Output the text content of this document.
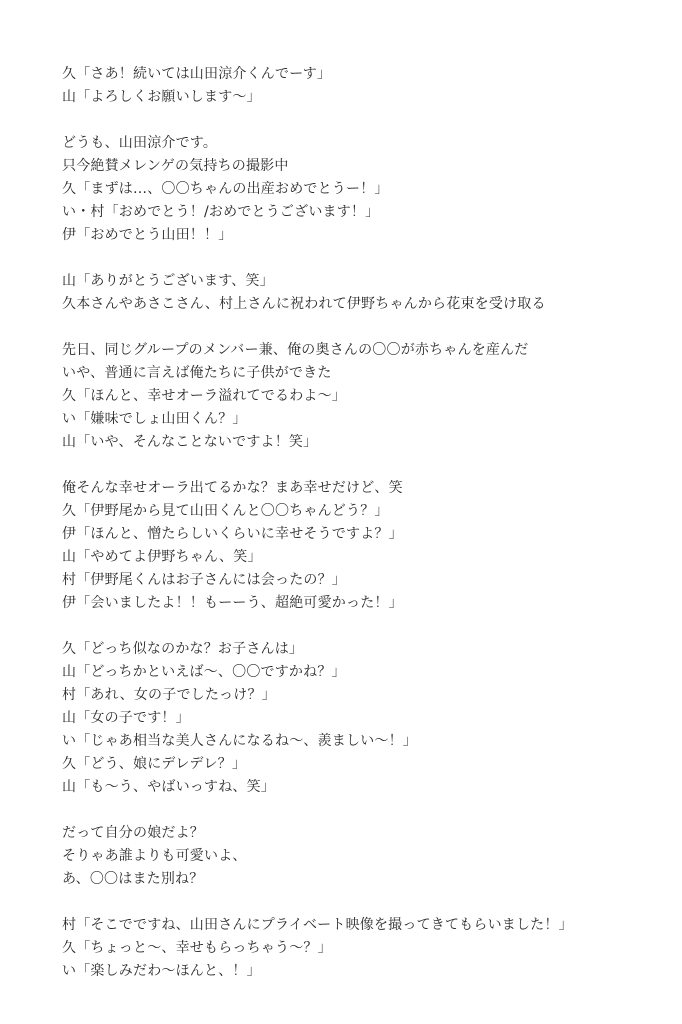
久「さあ！続いては山田涼介くんでーす」
山「よろしくお願いします〜」
どうも、山田涼介です。
只今絶賛メレンゲの気持ちの撮影中
久「まずは…、〇〇ちゃんの出産おめでとうー！」
い・村「おめでとう！/おめでとうございます！」
伊「おめでとう山田！！」
山「ありがとうございます、笑」
久本さんやあさこさん、村上さんに祝われて伊野ちゃんから花束を受け取る
先日、同じグループのメンバー兼、俺の奥さんの〇〇が赤ちゃんを産んだ
いや、普通に言えば俺たちに子供ができた
久「ほんと、幸せオーラ溢れてでるわよ〜」
い「嫌味でしょ山田くん？」
山「いや、そんなことないですよ！笑」
俺そんな幸せオーラ出てるかな？まあ幸せだけど、笑
久「伊野尾から見て山田くんと〇〇ちゃんどう？」
伊「ほんと、憎たらしいくらいに幸せそうですよ？」
山「やめてよ伊野ちゃん、笑」
村「伊野尾くんはお子さんには会ったの？」
伊「会いましたよ！！もーーう、超絶可愛かった！」
久「どっち似なのかな？お子さんは」
山「どっちかといえば〜、〇〇ですかね？」
村「あれ、女の子でしたっけ？」
山「女の子です！」
い「じゃあ相当な美人さんになるね〜、羨ましい〜！」
久「どう、娘にデレデレ？」
山「も〜う、やばいっすね、笑」
だって自分の娘だよ？
そりゃあ誰よりも可愛いよ、
あ、〇〇はまた別ね？
村「そこでですね、山田さんにプライベート映像を撮ってきてもらいました！」
久「ちょっと〜、幸せもらっちゃう〜？」
い「楽しみだわ〜ほんと、！」
